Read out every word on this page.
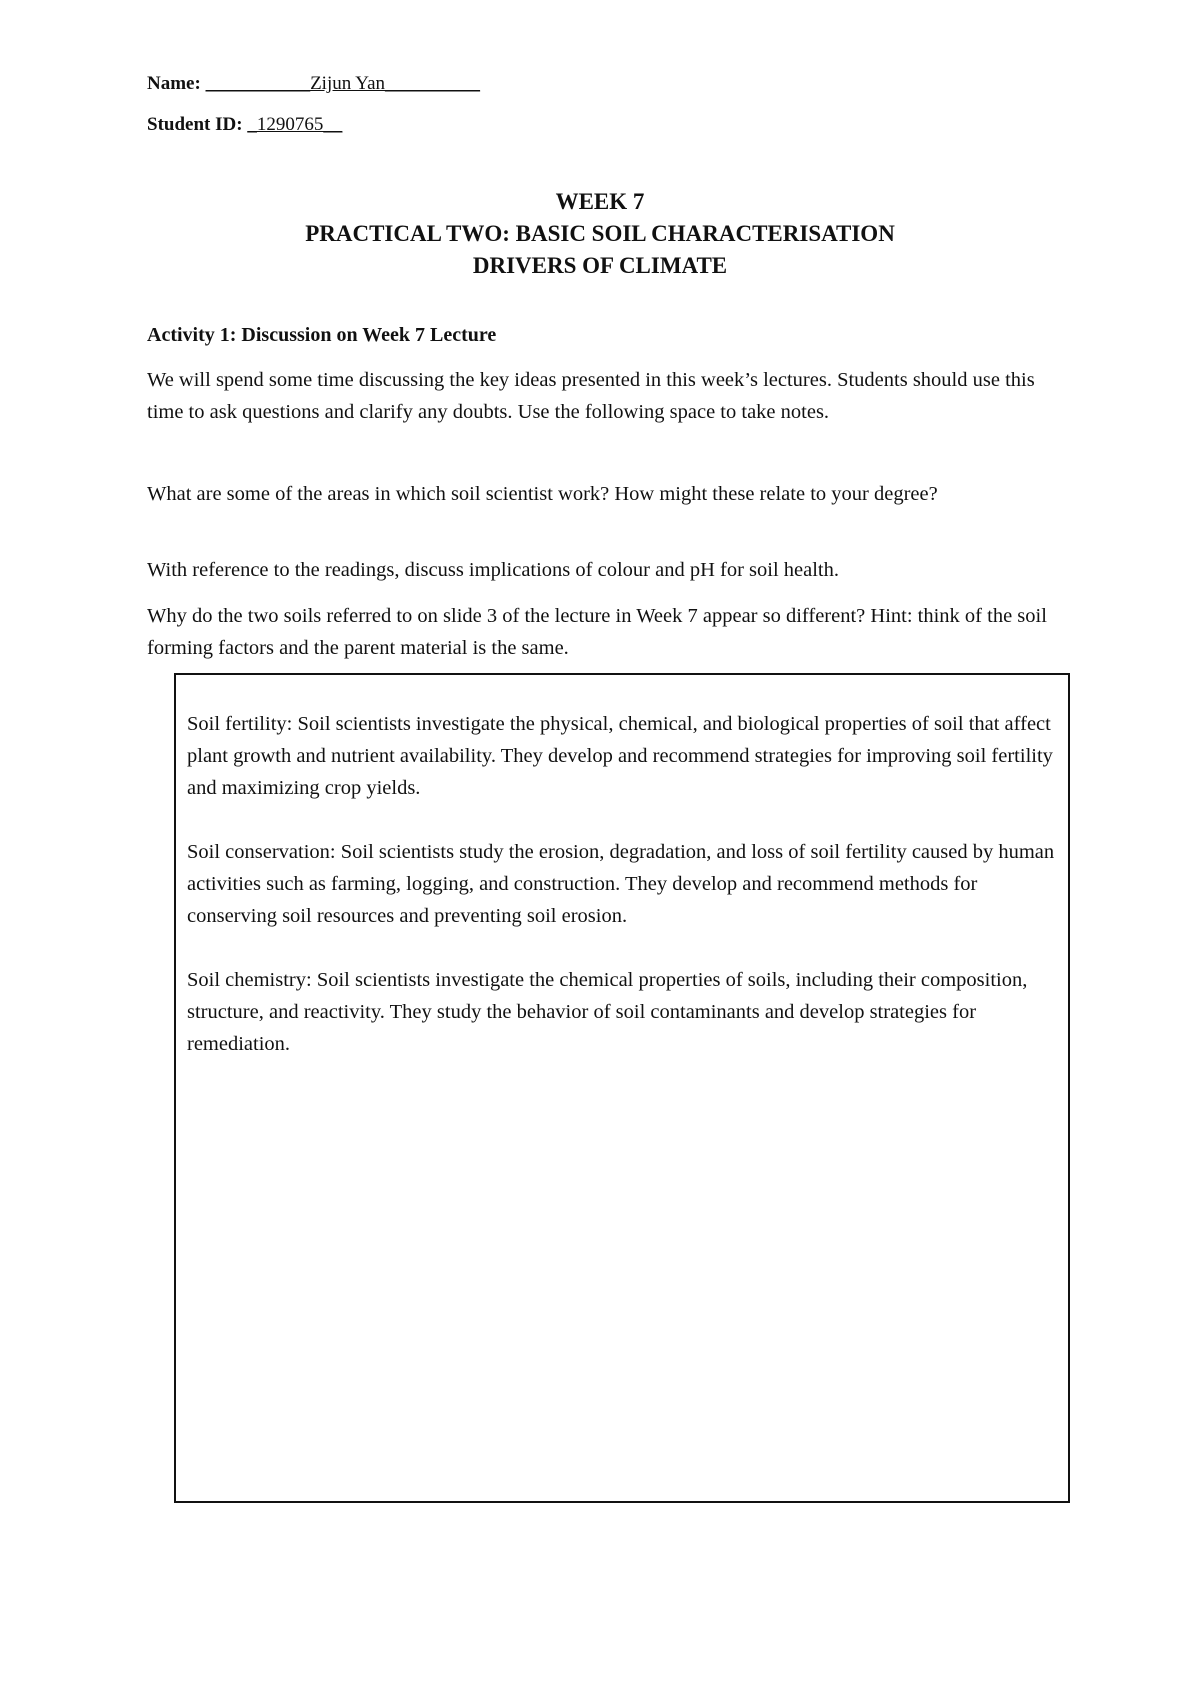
Name: ___________Zijun Yan__________
Student ID: _1290765__
WEEK 7
PRACTICAL TWO: BASIC SOIL CHARACTERISATION
DRIVERS OF CLIMATE
Activity 1: Discussion on Week 7 Lecture
We will spend some time discussing the key ideas presented in this week’s lectures. Students should use this time to ask questions and clarify any doubts. Use the following space to take notes.
What are some of the areas in which soil scientist work? How might these relate to your degree?
With reference to the readings, discuss implications of colour and pH for soil health.
Why do the two soils referred to on slide 3 of the lecture in Week 7 appear so different? Hint: think of the soil forming factors and the parent material is the same.

Soil fertility: Soil scientists investigate the physical, chemical, and biological properties of soil that affect plant growth and nutrient availability. They develop and recommend strategies for improving soil fertility and maximizing crop yields.

Soil conservation: Soil scientists study the erosion, degradation, and loss of soil fertility caused by human activities such as farming, logging, and construction. They develop and recommend methods for conserving soil resources and preventing soil erosion.

Soil chemistry: Soil scientists investigate the chemical properties of soils, including their composition, structure, and reactivity. They study the behavior of soil contaminants and develop strategies for remediation.
